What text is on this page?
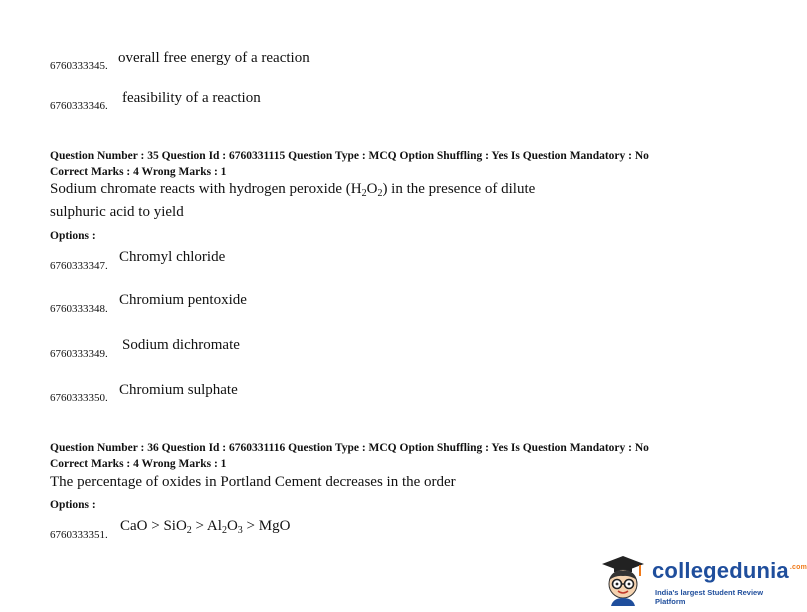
6760333345. overall free energy of a reaction
6760333346. feasibility of a reaction
Question Number : 35 Question Id : 6760331115 Question Type : MCQ Option Shuffling : Yes Is Question Mandatory : No
Correct Marks : 4 Wrong Marks : 1
Sodium chromate reacts with hydrogen peroxide $(H_2O_2)$ in the presence of dilute
sulphuric acid to yield
Options :
6760333347.
Chromyl chloride
6760333348.
Chromium pentoxide
6760333349.
Sodium dichromate
6760333350. Chromium sulphate
Question Number : 36 Question Id : 6760331116 Question Type : MCQ Option Shuffling : Yes Is Question Mandatory : No
Correct Marks : 4 Wrong Marks : 1
The percentage of oxides in Portland Cement decreases in the order
Options :
6760333351.
CaO > $SiO_2 > Al_2O_3$ > MgO
collegedunia$^{.com}$
India's largest Student Review Platform
